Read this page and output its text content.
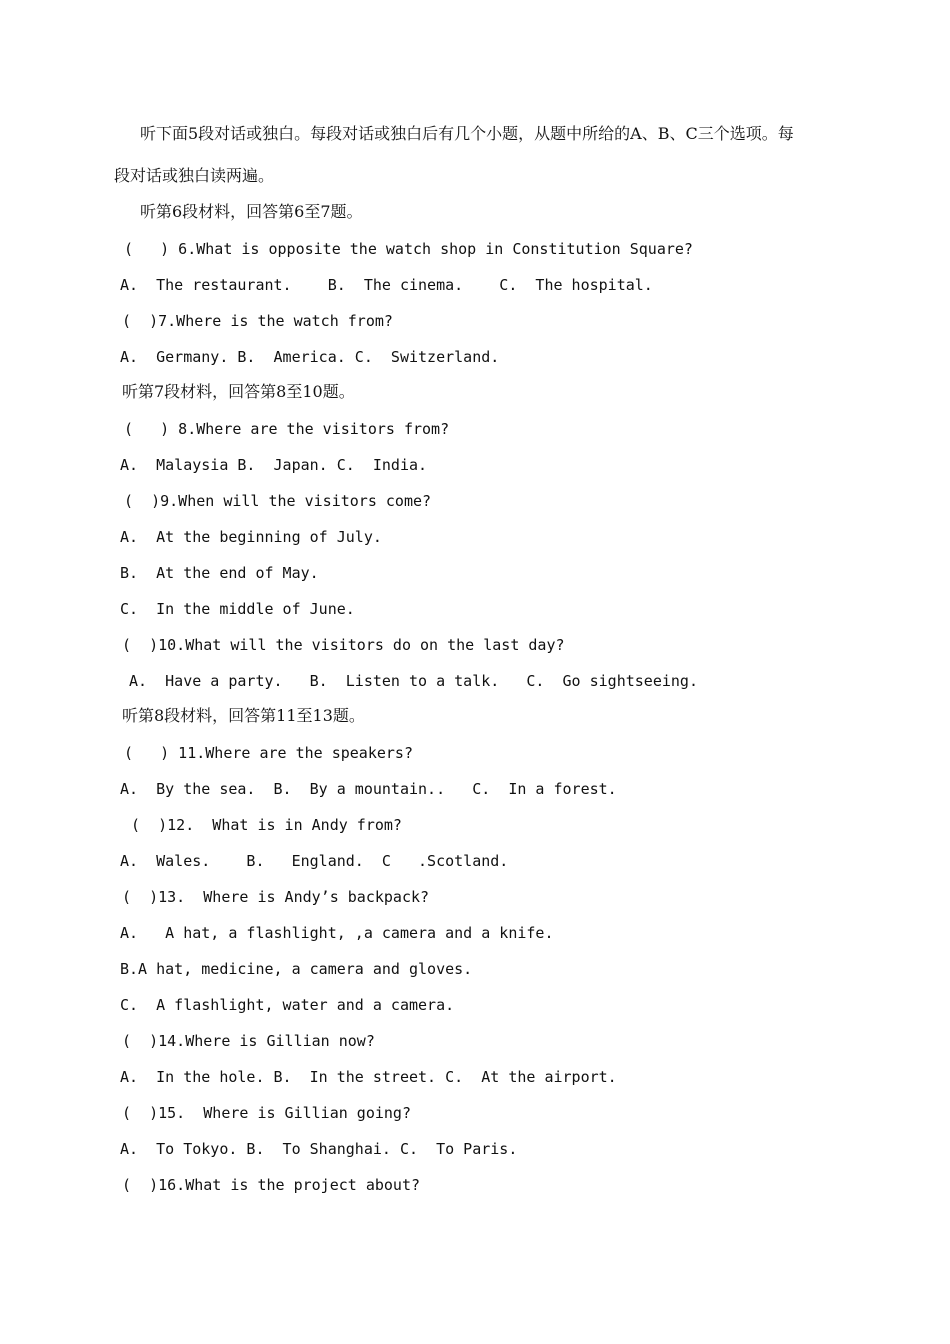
听下面5段对话或独白。每段对话或独白后有几个小题，从题中所给的A、B、C三个选项。每
段对话或独白读两遍。
听第6段材料，回答第6至7题。
(   ) 6.What is opposite the watch shop in Constitution Square?
A.  The restaurant.    B.  The cinema.    C.  The hospital.
(  )7.Where is the watch from?
A.  Germany. B.  America. C.  Switzerland.
听第7段材料，回答第8至10题。
(   ) 8.Where are the visitors from?
A.  Malaysia B.  Japan. C.  India.
(  )9.When will the visitors come?
A.  At the beginning of July.
B.  At the end of May.
C.  In the middle of June.
(  )10.What will the visitors do on the last day?
A.  Have a party.   B.  Listen to a talk.   C.  Go sightseeing.
听第8段材料，回答第11至13题。
(   ) 11.Where are the speakers?
A.  By the sea.  B.  By a mountain..   C.  In a forest.
(  )12.  What is in Andy from?
A.  Wales.    B.   England.  C   .Scotland.
(  )13.  Where is Andy’s backpack?
A.   A hat, a flashlight, ,a camera and a knife.
B.A hat, medicine, a camera and gloves.
C.  A flashlight, water and a camera.
(  )14.Where is Gillian now?
A.  In the hole. B.  In the street. C.  At the airport.
(  )15.  Where is Gillian going?
A.  To Tokyo. B.  To Shanghai. C.  To Paris.
(  )16.What is the project about?
